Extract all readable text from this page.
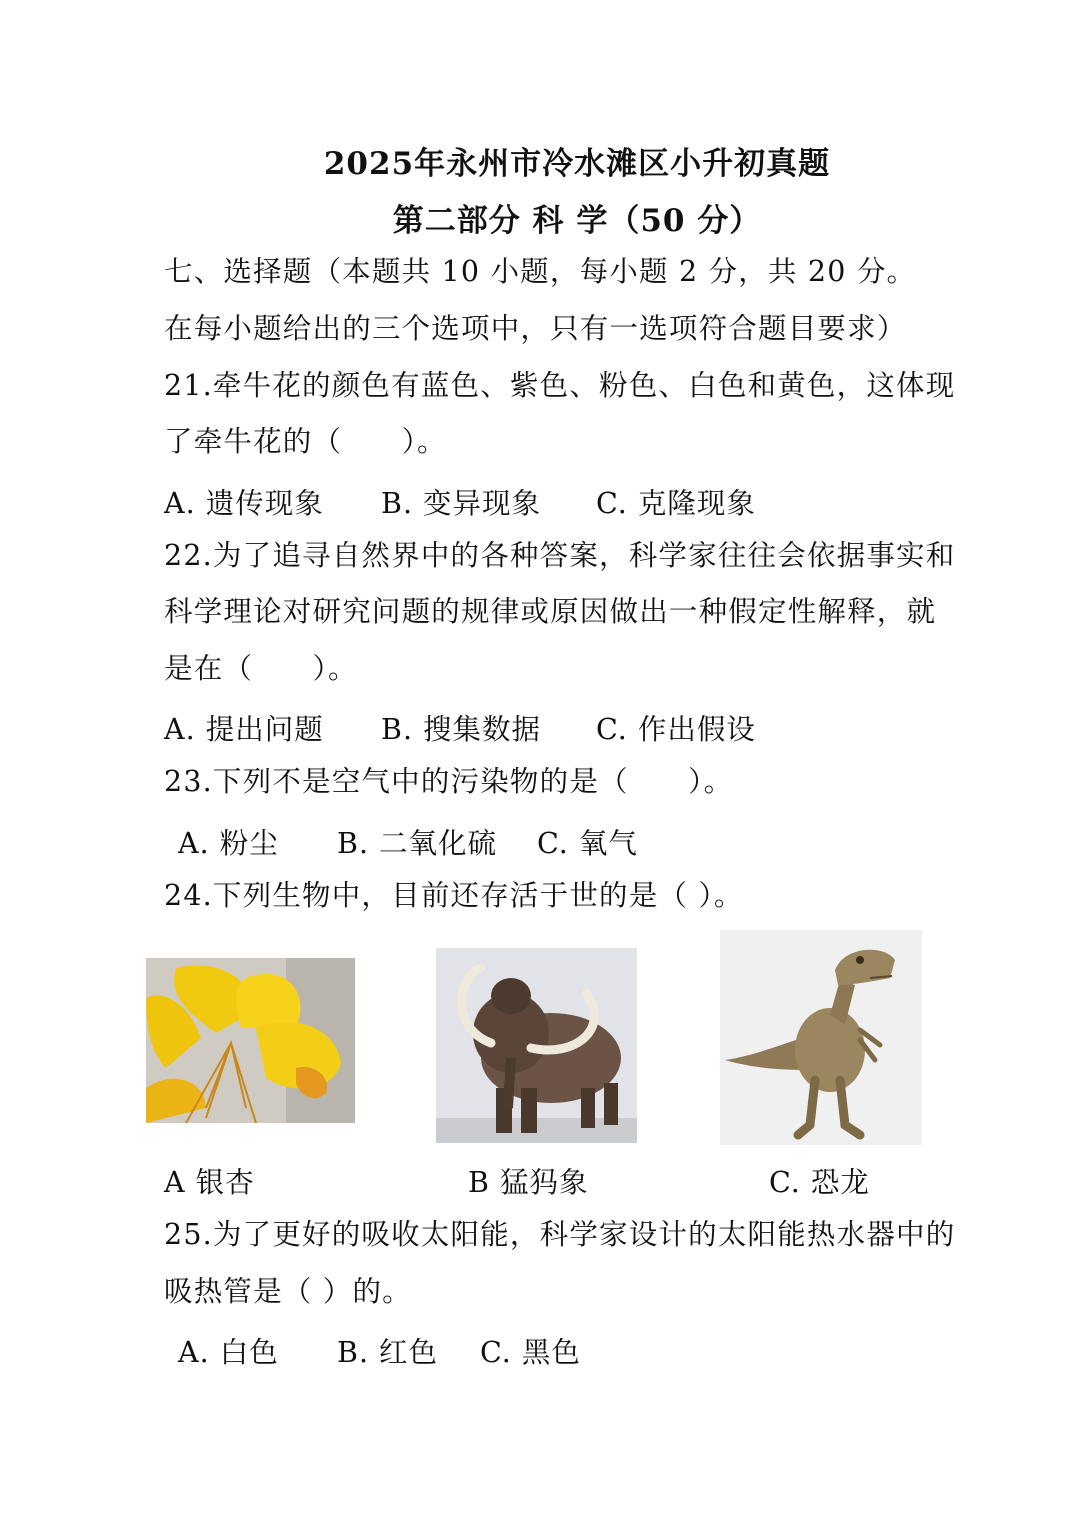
2025年永州市冷水滩区小升初真题
第二部分 科 学（50 分）
七、选择题（本题共 10 小题，每小题 2 分，共 20 分。
在每小题给出的三个选项中，只有一选项符合题目要求）
21.牵牛花的颜色有蓝色、紫色、粉色、白色和黄色，这体现
了牵牛花的（　　）。
A. 遗传现象 B. 变异现象 C. 克隆现象
22.为了追寻自然界中的各种答案，科学家往往会依据事实和
科学理论对研究问题的规律或原因做出一种假定性解释，就
是在（　　）。
A. 提出问题 B. 搜集数据 C. 作出假设
23.下列不是空气中的污染物的是（　　）。
A. 粉尘 B. 二氧化硫 C. 氧气
24.下列生物中，目前还存活于世的是（ ）。
A 银杏	B 猛犸象	C. 恐龙
25.为了更好的吸收太阳能，科学家设计的太阳能热水器中的
吸热管是（ ）的。
A. 白色 B. 红色 C. 黑色
